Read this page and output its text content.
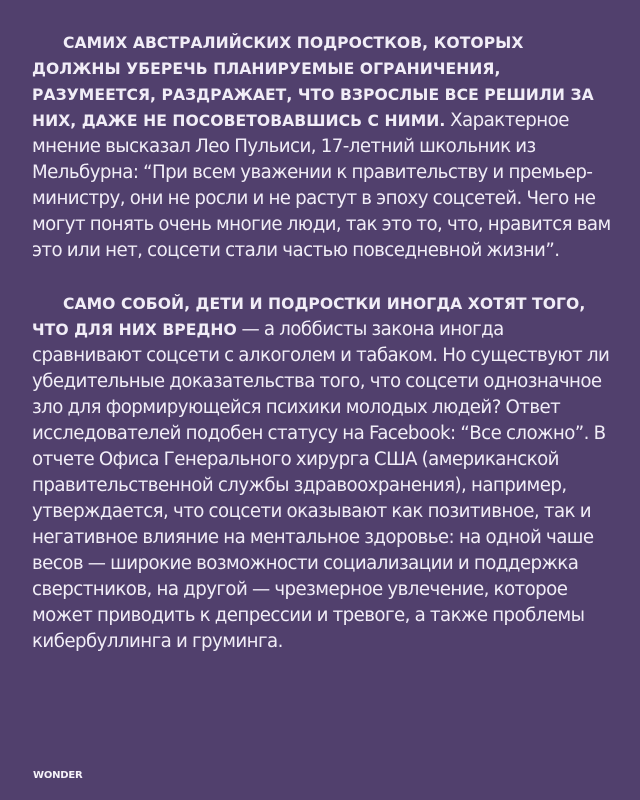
САМИХ АВСТРАЛИЙСКИХ ПОДРОСТКОВ, КОТОРЫХ ДОЛЖНЫ УБЕРЕЧЬ ПЛАНИРУЕМЫЕ ОГРАНИЧЕНИЯ, РАЗУМЕЕТСЯ, РАЗДРАЖАЕТ, ЧТО ВЗРОСЛЫЕ ВСЕ РЕШИЛИ ЗА НИХ, ДАЖЕ НЕ ПОСОВЕТОВАВШИСЬ С НИМИ. Характерное мнение высказал Лео Пульиси, 17-летний школьник из Мельбурна: “При всем уважении к правительству и премьер-министру, они не росли и не растут в эпоху соцсетей. Чего не могут понять очень многие люди, так это то, что, нравится вам это или нет, соцсети стали частью повседневной жизни”.

САМО СОБОЙ, ДЕТИ И ПОДРОСТКИ ИНОГДА ХОТЯТ ТОГО, ЧТО ДЛЯ НИХ ВРЕДНО — а лоббисты закона иногда сравнивают соцсети с алкоголем и табаком. Но существуют ли убедительные доказательства того, что соцсети однозначное зло для формирующейся психики молодых людей? Ответ исследователей подобен статусу на Facebook: “Все сложно”. В отчете Офиса Генерального хирурга США (американской правительственной службы здравоохранения), например, утверждается, что соцсети оказывают как позитивное, так и негативное влияние на ментальное здоровье: на одной чаше весов — широкие возможности социализации и поддержка сверстников, на другой — чрезмерное увлечение, которое может приводить к депрессии и тревоге, а также проблемы кибербуллинга и груминга.

WONDER
